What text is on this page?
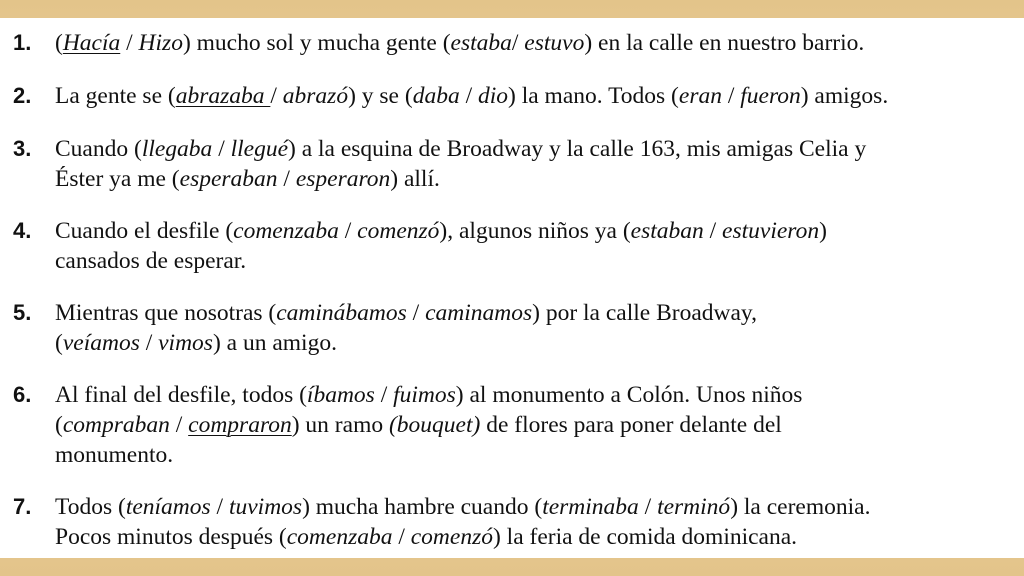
1. (Hacía / Hizo) mucho sol y mucha gente (estaba/ estuvo) en la calle en nuestro barrio.
2. La gente se (abrazaba / abrazó) y se (daba / dio) la mano. Todos (eran / fueron) amigos.
3. Cuando (llegaba / llegué) a la esquina de Broadway y la calle 163, mis amigas Celia y
Éster ya me (esperaban / esperaron) allí.
4. Cuando el desfile (comenzaba / comenzó), algunos niños ya (estaban / estuvieron)
cansados de esperar.
5. Mientras que nosotras (caminábamos / caminamos) por la calle Broadway,
(veíamos / vimos) a un amigo.
6. Al final del desfile, todos (íbamos / fuimos) al monumento a Colón. Unos niños
(compraban / compraron) un ramo (bouquet) de flores para poner delante del
monumento.
7. Todos (teníamos / tuvimos) mucha hambre cuando (terminaba / terminó) la ceremonia.
Pocos minutos después (comenzaba / comenzó) la feria de comida dominicana.
